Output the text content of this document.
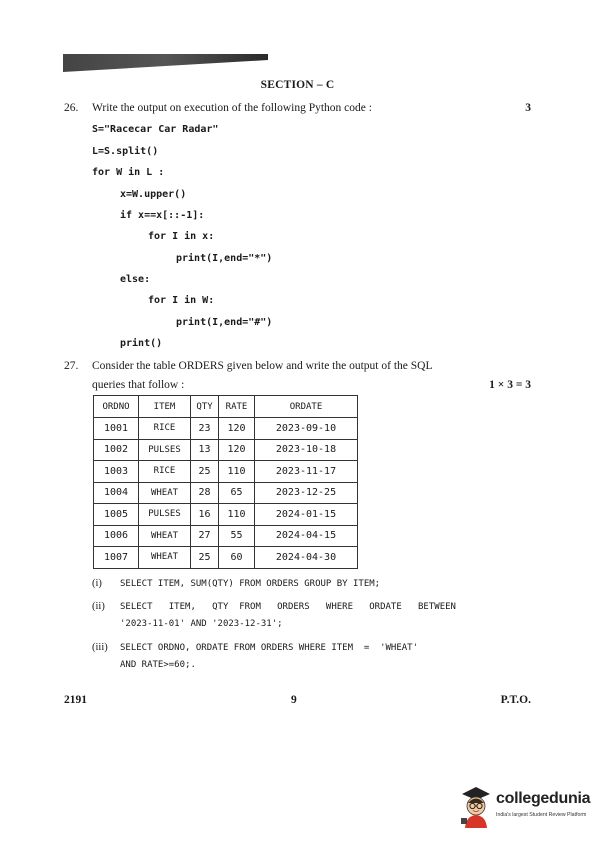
SECTION – C
26. Write the output on execution of the following Python code :	3
S="Racecar Car Radar"
L=S.split()
for W in L :
x=W.upper()
if x==x[::-1]:
for I in x:
print(I,end="*")
else:
for I in W:
print(I,end="#")
print()
27. Consider the table ORDERS given below and write the output of the SQL
queries that follow :	1 × 3 = 3
ORDNO	ITEM	QTY	RATE	ORDATE
1001	RICE	23	120	2023-09-10
1002	PULSES	13	120	2023-10-18
1003	RICE	25	110	2023-11-17
1004	WHEAT	28	65	2023-12-25
1005	PULSES	16	110	2024-01-15
1006	WHEAT	27	55	2024-04-15
1007	WHEAT	25	60	2024-04-30
(i) SELECT ITEM, SUM(QTY) FROM ORDERS GROUP BY ITEM;
(ii) SELECT   ITEM,   QTY  FROM   ORDERS   WHERE   ORDATE   BETWEEN
'2023-11-01' AND '2023-12-31';
(iii) SELECT ORDNO, ORDATE FROM ORDERS WHERE ITEM  =  'WHEAT'
AND RATE>=60;.
2191	9	P.T.O.
collegedunia
India's largest Student Review Platform
